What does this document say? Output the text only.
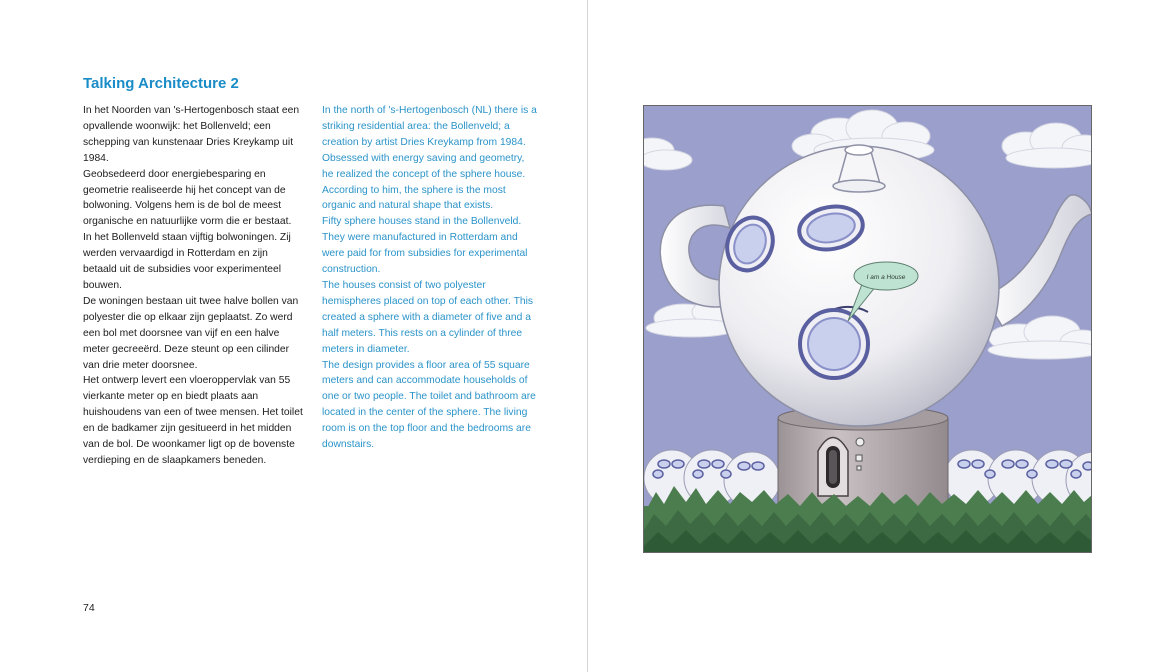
Talking Architecture 2

In het Noorden van 's-Hertogenbosch staat een opvallende woonwijk: het Bollenveld; een schepping van kunstenaar Dries Kreykamp uit 1984.

Geobsedeerd door energiebesparing en geometrie realiseerde hij het concept van de bolwoning. Volgens hem is de bol de meest organische en natuurlijke vorm die er bestaat.

In het Bollenveld staan vijftig bolwoningen. Zij werden vervaardigd in Rotterdam en zijn betaald uit de subsidies voor experimenteel bouwen.

De woningen bestaan uit twee halve bollen van polyester die op elkaar zijn geplaatst. Zo werd een bol met doorsnee van vijf en een halve meter gecreeërd. Deze steunt op een cilinder van drie meter doorsnee.

Het ontwerp levert een vloeroppervlak van 55 vierkante meter op en biedt plaats aan huishoudens van een of twee mensen. Het toilet en de badkamer zijn gesitueerd in het midden van de bol. De woonkamer ligt op de bovenste verdieping en de slaapkamers beneden.

In the north of 's-Hertogenbosch (NL) there is a striking residential area: the Bollenveld; a creation by artist Dries Kreykamp from 1984.

Obsessed with energy saving and geometry, he realized the concept of the sphere house. According to him, the sphere is the most organic and natural shape that exists.

Fifty sphere houses stand in the Bollenveld. They were manufactured in Rotterdam and were paid for from subsidies for experimental construction.

The houses consist of two polyester hemispheres placed on top of each other. This created a sphere with a diameter of five and a half meters. This rests on a cylinder of three meters in diameter.

The design provides a floor area of 55 square meters and can accommodate households of one or two people. The toilet and bathroom are located in the center of the sphere. The living room is on the top floor and the bedrooms are downstairs.

74
I am a House
